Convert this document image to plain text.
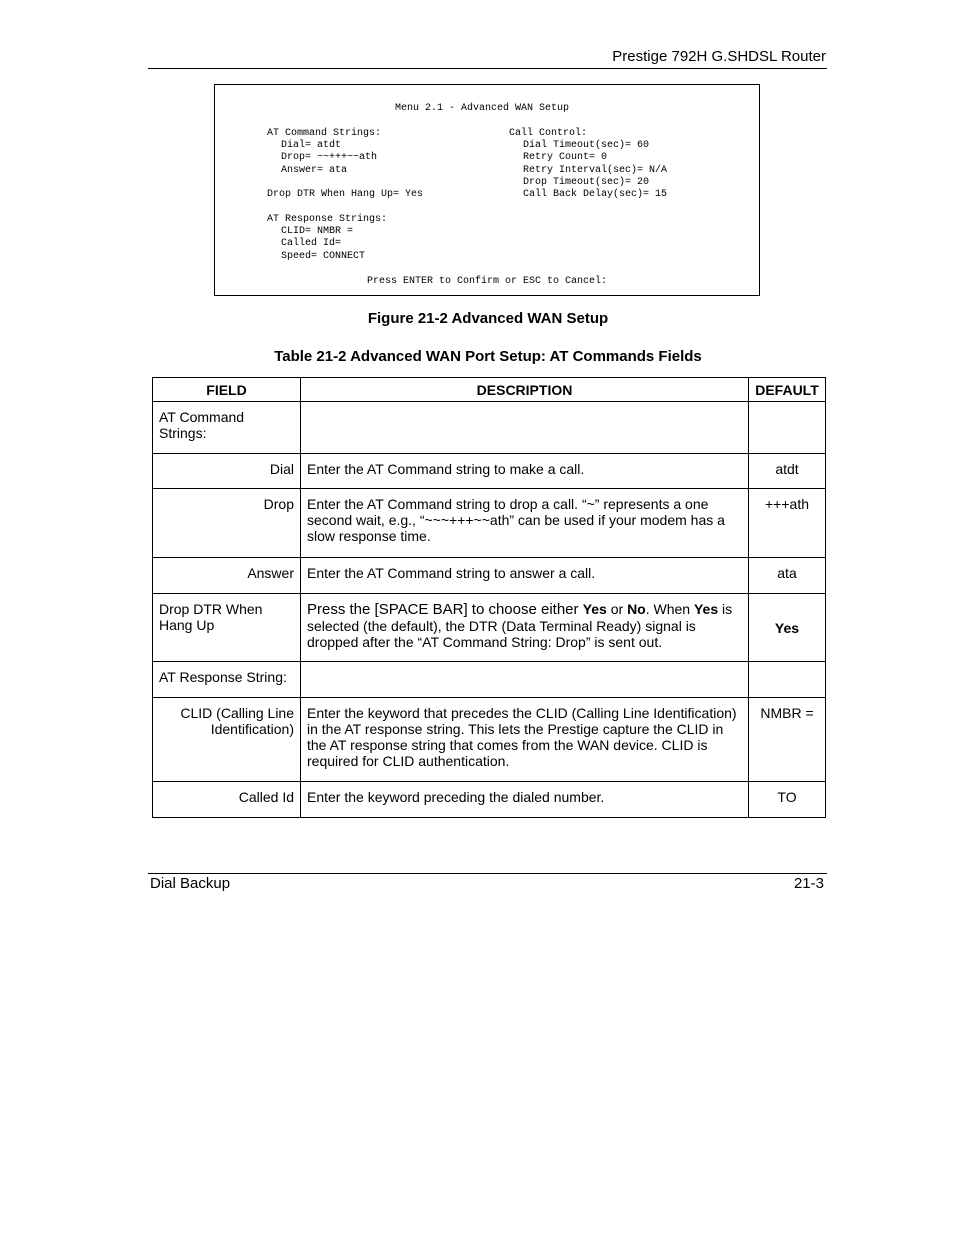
Prestige 792H G.SHDSL Router
Menu 2.1 - Advanced WAN Setup
AT Command Strings:
Dial= atdt
Drop= ~~+++~~ath
Answer= ata
Drop DTR When Hang Up= Yes
AT Response Strings:
CLID= NMBR =
Called Id=
Speed= CONNECT
Call Control:
Dial Timeout(sec)= 60
Retry Count= 0
Retry Interval(sec)= N/A
Drop Timeout(sec)= 20
Call Back Delay(sec)= 15
Press ENTER to Confirm or ESC to Cancel:
Figure 21-2 Advanced WAN Setup
Table 21-2 Advanced WAN Port Setup: AT Commands Fields
FIELD	DESCRIPTION	DEFAULT
AT Command Strings:		
Dial	Enter the AT Command string to make a call.	atdt
Drop	Enter the AT Command string to drop a call. “~” represents a one second wait, e.g., “~~~+++~~ath” can be used if your modem has a slow response time.	+++ath
Answer	Enter the AT Command string to answer a call.	ata
Drop DTR When Hang Up	Press the [SPACE BAR] to choose either Yes or No. When Yes is selected (the default), the DTR (Data Terminal Ready) signal is dropped after the “AT Command String: Drop” is sent out.	Yes
AT Response String:		
CLID (Calling Line Identification)	Enter the keyword that precedes the CLID (Calling Line Identification) in the AT response string. This lets the Prestige capture the CLID in the AT response string that comes from the WAN device. CLID is required for CLID authentication.	NMBR =
Called Id	Enter the keyword preceding the dialed number.	TO
Dial Backup	21-3
